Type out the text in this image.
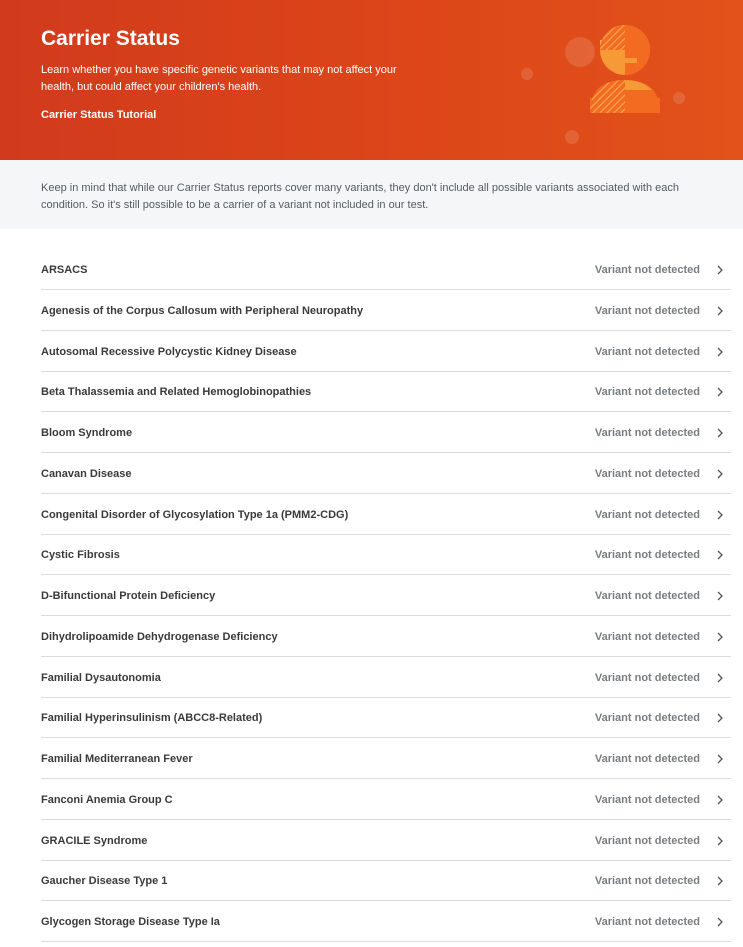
Carrier Status
Learn whether you have specific genetic variants that may not affect your health, but could affect your children's health.
Carrier Status Tutorial
Keep in mind that while our Carrier Status reports cover many variants, they don't include all possible variants associated with each condition. So it's still possible to be a carrier of a variant not included in our test.
ARSACS	Variant not detected
Agenesis of the Corpus Callosum with Peripheral Neuropathy	Variant not detected
Autosomal Recessive Polycystic Kidney Disease	Variant not detected
Beta Thalassemia and Related Hemoglobinopathies	Variant not detected
Bloom Syndrome	Variant not detected
Canavan Disease	Variant not detected
Congenital Disorder of Glycosylation Type 1a (PMM2-CDG)	Variant not detected
Cystic Fibrosis	Variant not detected
D-Bifunctional Protein Deficiency	Variant not detected
Dihydrolipoamide Dehydrogenase Deficiency	Variant not detected
Familial Dysautonomia	Variant not detected
Familial Hyperinsulinism (ABCC8-Related)	Variant not detected
Familial Mediterranean Fever	Variant not detected
Fanconi Anemia Group C	Variant not detected
GRACILE Syndrome	Variant not detected
Gaucher Disease Type 1	Variant not detected
Glycogen Storage Disease Type Ia	Variant not detected
